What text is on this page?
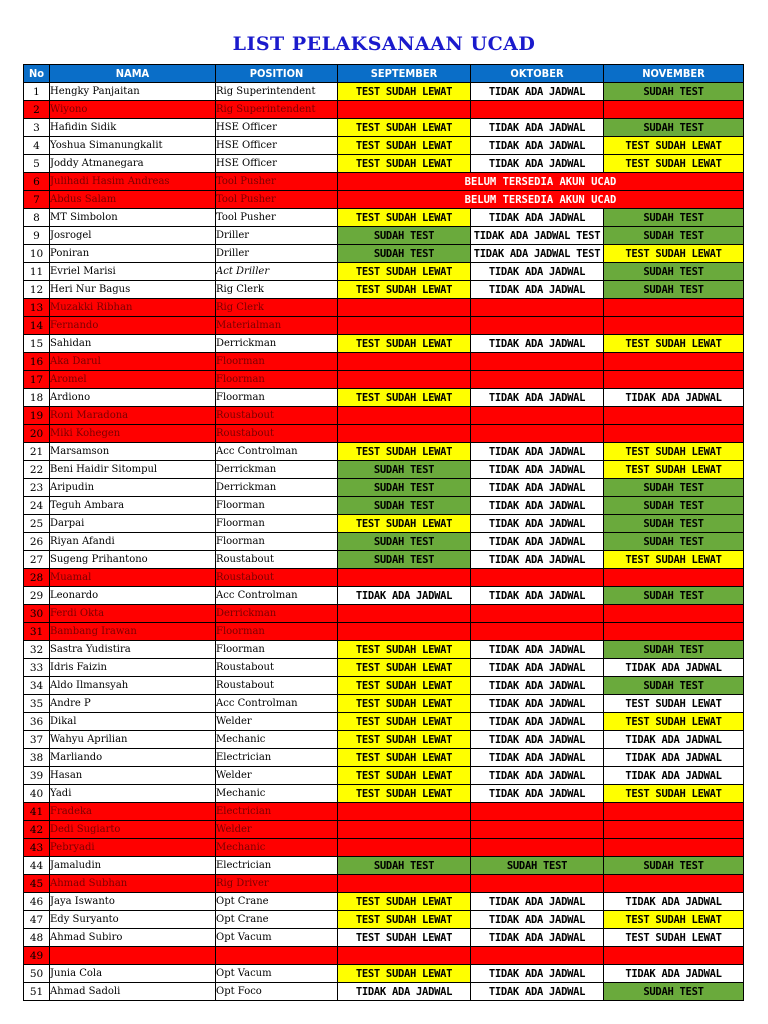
LIST PELAKSANAAN UCAD
No	NAMA	POSITION	SEPTEMBER	OKTOBER	NOVEMBER
1	Hengky Panjaitan	Rig Superintendent	TEST SUDAH LEWAT	TIDAK ADA JADWAL	SUDAH TEST
2	Wiyono	Rig Superintendent			
3	Hafidin Sidik	HSE Officer	TEST SUDAH LEWAT	TIDAK ADA JADWAL	SUDAH TEST
4	Yoshua Simanungkalit	HSE Officer	TEST SUDAH LEWAT	TIDAK ADA JADWAL	TEST SUDAH LEWAT
5	Joddy Atmanegara	HSE Officer	TEST SUDAH LEWAT	TIDAK ADA JADWAL	TEST SUDAH LEWAT
6	Julihadi Hasim Andreas	Tool Pusher	BELUM TERSEDIA AKUN UCAD		
7	Abdus Salam	Tool Pusher	BELUM TERSEDIA AKUN UCAD		
8	MT Simbolon	Tool Pusher	TEST SUDAH LEWAT	TIDAK ADA JADWAL	SUDAH TEST
9	Josrogel	Driller	SUDAH TEST	TIDAK ADA JADWAL TEST	SUDAH TEST
10	Poniran	Driller	SUDAH TEST	TIDAK ADA JADWAL TEST	TEST SUDAH LEWAT
11	Evriel Marisi	Act Driller	TEST SUDAH LEWAT	TIDAK ADA JADWAL	SUDAH TEST
12	Heri Nur Bagus	Rig Clerk	TEST SUDAH LEWAT	TIDAK ADA JADWAL	SUDAH TEST
13	Muzakki Ribhan	Rig Clerk			
14	Fernando	Materialman			
15	Sahidan	Derrickman	TEST SUDAH LEWAT	TIDAK ADA JADWAL	TEST SUDAH LEWAT
16	Aka Darul	Floorman			
17	Aromel	Floorman			
18	Ardiono	Floorman	TEST SUDAH LEWAT	TIDAK ADA JADWAL	TIDAK ADA JADWAL
19	Roni Maradona	Roustabout			
20	Miki Kohegen	Roustabout			
21	Marsamson	Acc Controlman	TEST SUDAH LEWAT	TIDAK ADA JADWAL	TEST SUDAH LEWAT
22	Beni Haidir Sitompul	Derrickman	SUDAH TEST	TIDAK ADA JADWAL	TEST SUDAH LEWAT
23	Aripudin	Derrickman	SUDAH TEST	TIDAK ADA JADWAL	SUDAH TEST
24	Teguh Ambara	Floorman	SUDAH TEST	TIDAK ADA JADWAL	SUDAH TEST
25	Darpai	Floorman	TEST SUDAH LEWAT	TIDAK ADA JADWAL	SUDAH TEST
26	Riyan Afandi	Floorman	SUDAH TEST	TIDAK ADA JADWAL	SUDAH TEST
27	Sugeng Prihantono	Roustabout	SUDAH TEST	TIDAK ADA JADWAL	TEST SUDAH LEWAT
28	Muamal	Roustabout			
29	Leonardo	Acc Controlman	TIDAK ADA JADWAL	TIDAK ADA JADWAL	SUDAH TEST
30	Ferdi Okta	Derrickman			
31	Bambang Irawan	Floorman			
32	Sastra Yudistira	Floorman	TEST SUDAH LEWAT	TIDAK ADA JADWAL	SUDAH TEST
33	Idris Faizin	Roustabout	TEST SUDAH LEWAT	TIDAK ADA JADWAL	TIDAK ADA JADWAL
34	Aldo Ilmansyah	Roustabout	TEST SUDAH LEWAT	TIDAK ADA JADWAL	SUDAH TEST
35	Andre P	Acc Controlman	TEST SUDAH LEWAT	TIDAK ADA JADWAL	TEST SUDAH LEWAT
36	Dikal	Welder	TEST SUDAH LEWAT	TIDAK ADA JADWAL	TEST SUDAH LEWAT
37	Wahyu Aprilian	Mechanic	TEST SUDAH LEWAT	TIDAK ADA JADWAL	TIDAK ADA JADWAL
38	Marliando	Electrician	TEST SUDAH LEWAT	TIDAK ADA JADWAL	TIDAK ADA JADWAL
39	Hasan	Welder	TEST SUDAH LEWAT	TIDAK ADA JADWAL	TIDAK ADA JADWAL
40	Yadi	Mechanic	TEST SUDAH LEWAT	TIDAK ADA JADWAL	TEST SUDAH LEWAT
41	Fradeka	Electrician			
42	Dedi Sugiarto	Welder			
43	Pebryadi	Mechanic			
44	Jamaludin	Electrician	SUDAH TEST	SUDAH TEST	SUDAH TEST
45	Ahmad Subhan	Rig Driver			
46	Jaya Iswanto	Opt Crane	TEST SUDAH LEWAT	TIDAK ADA JADWAL	TIDAK ADA JADWAL
47	Edy Suryanto	Opt Crane	TEST SUDAH LEWAT	TIDAK ADA JADWAL	TEST SUDAH LEWAT
48	Ahmad Subiro	Opt Vacum	TEST SUDAH LEWAT	TIDAK ADA JADWAL	TEST SUDAH LEWAT
49					
50	Junia Cola	Opt Vacum	TEST SUDAH LEWAT	TIDAK ADA JADWAL	TIDAK ADA JADWAL
51	Ahmad Sadoli	Opt Foco	TIDAK ADA JADWAL	TIDAK ADA JADWAL	SUDAH TEST
